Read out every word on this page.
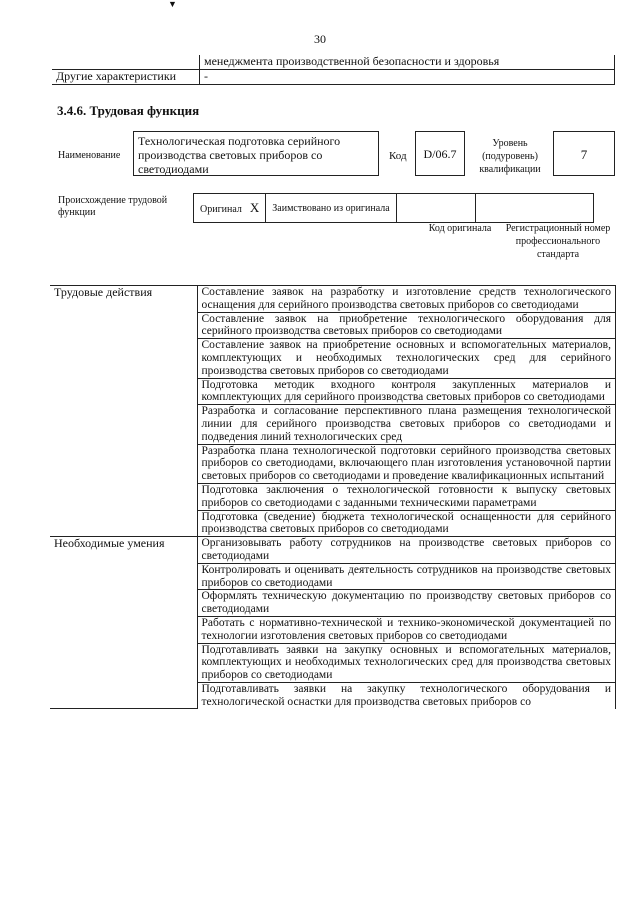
▼
30
	менеджмента производственной безопасности и здоровья
Другие характеристики	-
3.4.6. Трудовая функция
Наименование
Технологическая подготовка серийного производства световых приборов со светодиодами
Код	D/06.7
Уровень (подуровень) квалификации
7
Происхождение трудовой функции	Оригинал X	Заимствовано из оригинала		
Код оригинала	Регистрационный номер профессионального стандарта
Трудовые действия	Составление заявок на разработку и изготовление средств технологического оснащения для серийного производства световых приборов со светодиодами
	Составление заявок на приобретение технологического оборудования для серийного производства световых приборов со светодиодами
	Составление заявок на приобретение основных и вспомогательных материалов, комплектующих и необходимых технологических сред для серийного производства световых приборов со светодиодами
	Подготовка методик входного контроля закупленных материалов и комплектующих для серийного производства световых приборов со светодиодами
	Разработка и согласование перспективного плана размещения технологической линии для серийного производства световых приборов со светодиодами и подведения линий технологических сред
	Разработка плана технологической подготовки серийного производства световых приборов со светодиодами, включающего план изготовления установочной партии световых приборов со светодиодами и проведение квалификационных испытаний
	Подготовка заключения о технологической готовности к выпуску световых приборов со светодиодами с заданными техническими параметрами
	Подготовка (сведение) бюджета технологической оснащенности для серийного производства световых приборов со светодиодами
Необходимые умения	Организовывать работу сотрудников на производстве световых приборов со светодиодами
	Контролировать и оценивать деятельность сотрудников на производстве световых приборов со светодиодами
	Оформлять техническую документацию по производству световых приборов со светодиодами
	Работать с нормативно-технической и технико-экономической документацией по технологии изготовления световых приборов со светодиодами
	Подготавливать заявки на закупку основных и вспомогательных материалов, комплектующих и необходимых технологических сред для производства световых приборов со светодиодами
	Подготавливать заявки на закупку технологического оборудования и технологической оснастки для производства световых приборов со
